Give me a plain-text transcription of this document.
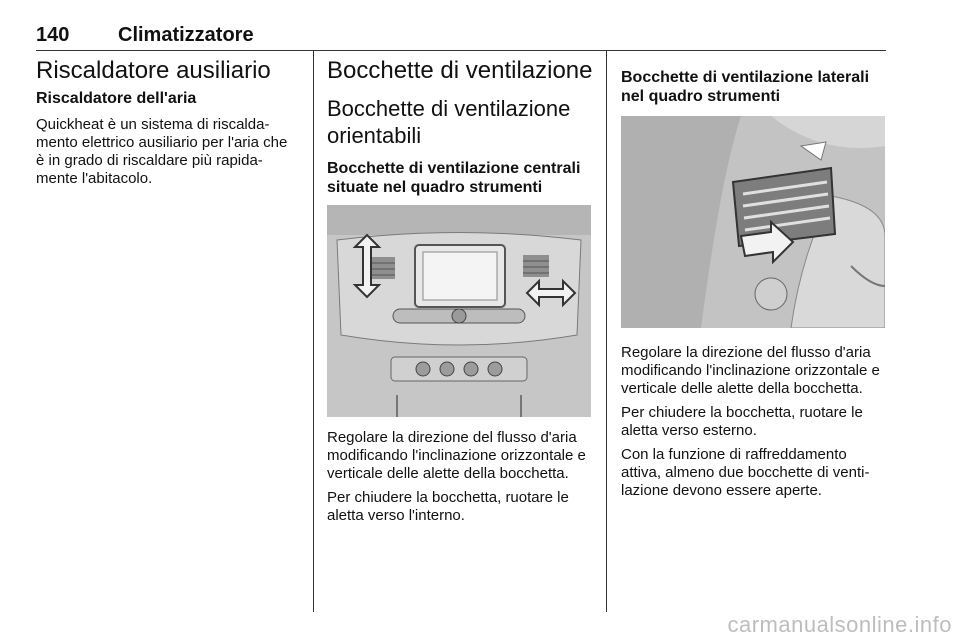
140 Climatizzatore
Riscaldatore ausiliario
Riscaldatore dell'aria

Quickheat è un sistema di riscalda-mento elettrico ausiliario per l'aria che è in grado di riscaldare più rapida-mente l'abitacolo.

Bocchette di ventilazione
Bocchette di ventilazione orientabili
Bocchette di ventilazione centrali situate nel quadro strumenti

Regolare la direzione del flusso d'aria modificando l'inclinazione orizzontale e verticale delle alette della bocchetta.

Per chiudere la bocchetta, ruotare le aletta verso l'interno.

Bocchette di ventilazione laterali nel quadro strumenti

Regolare la direzione del flusso d'aria modificando l'inclinazione orizzontale e verticale delle alette della bocchetta.

Per chiudere la bocchetta, ruotare le aletta verso esterno.

Con la funzione di raffreddamento attiva, almeno due bocchette di venti-lazione devono essere aperte.

carmanualsonline.info
